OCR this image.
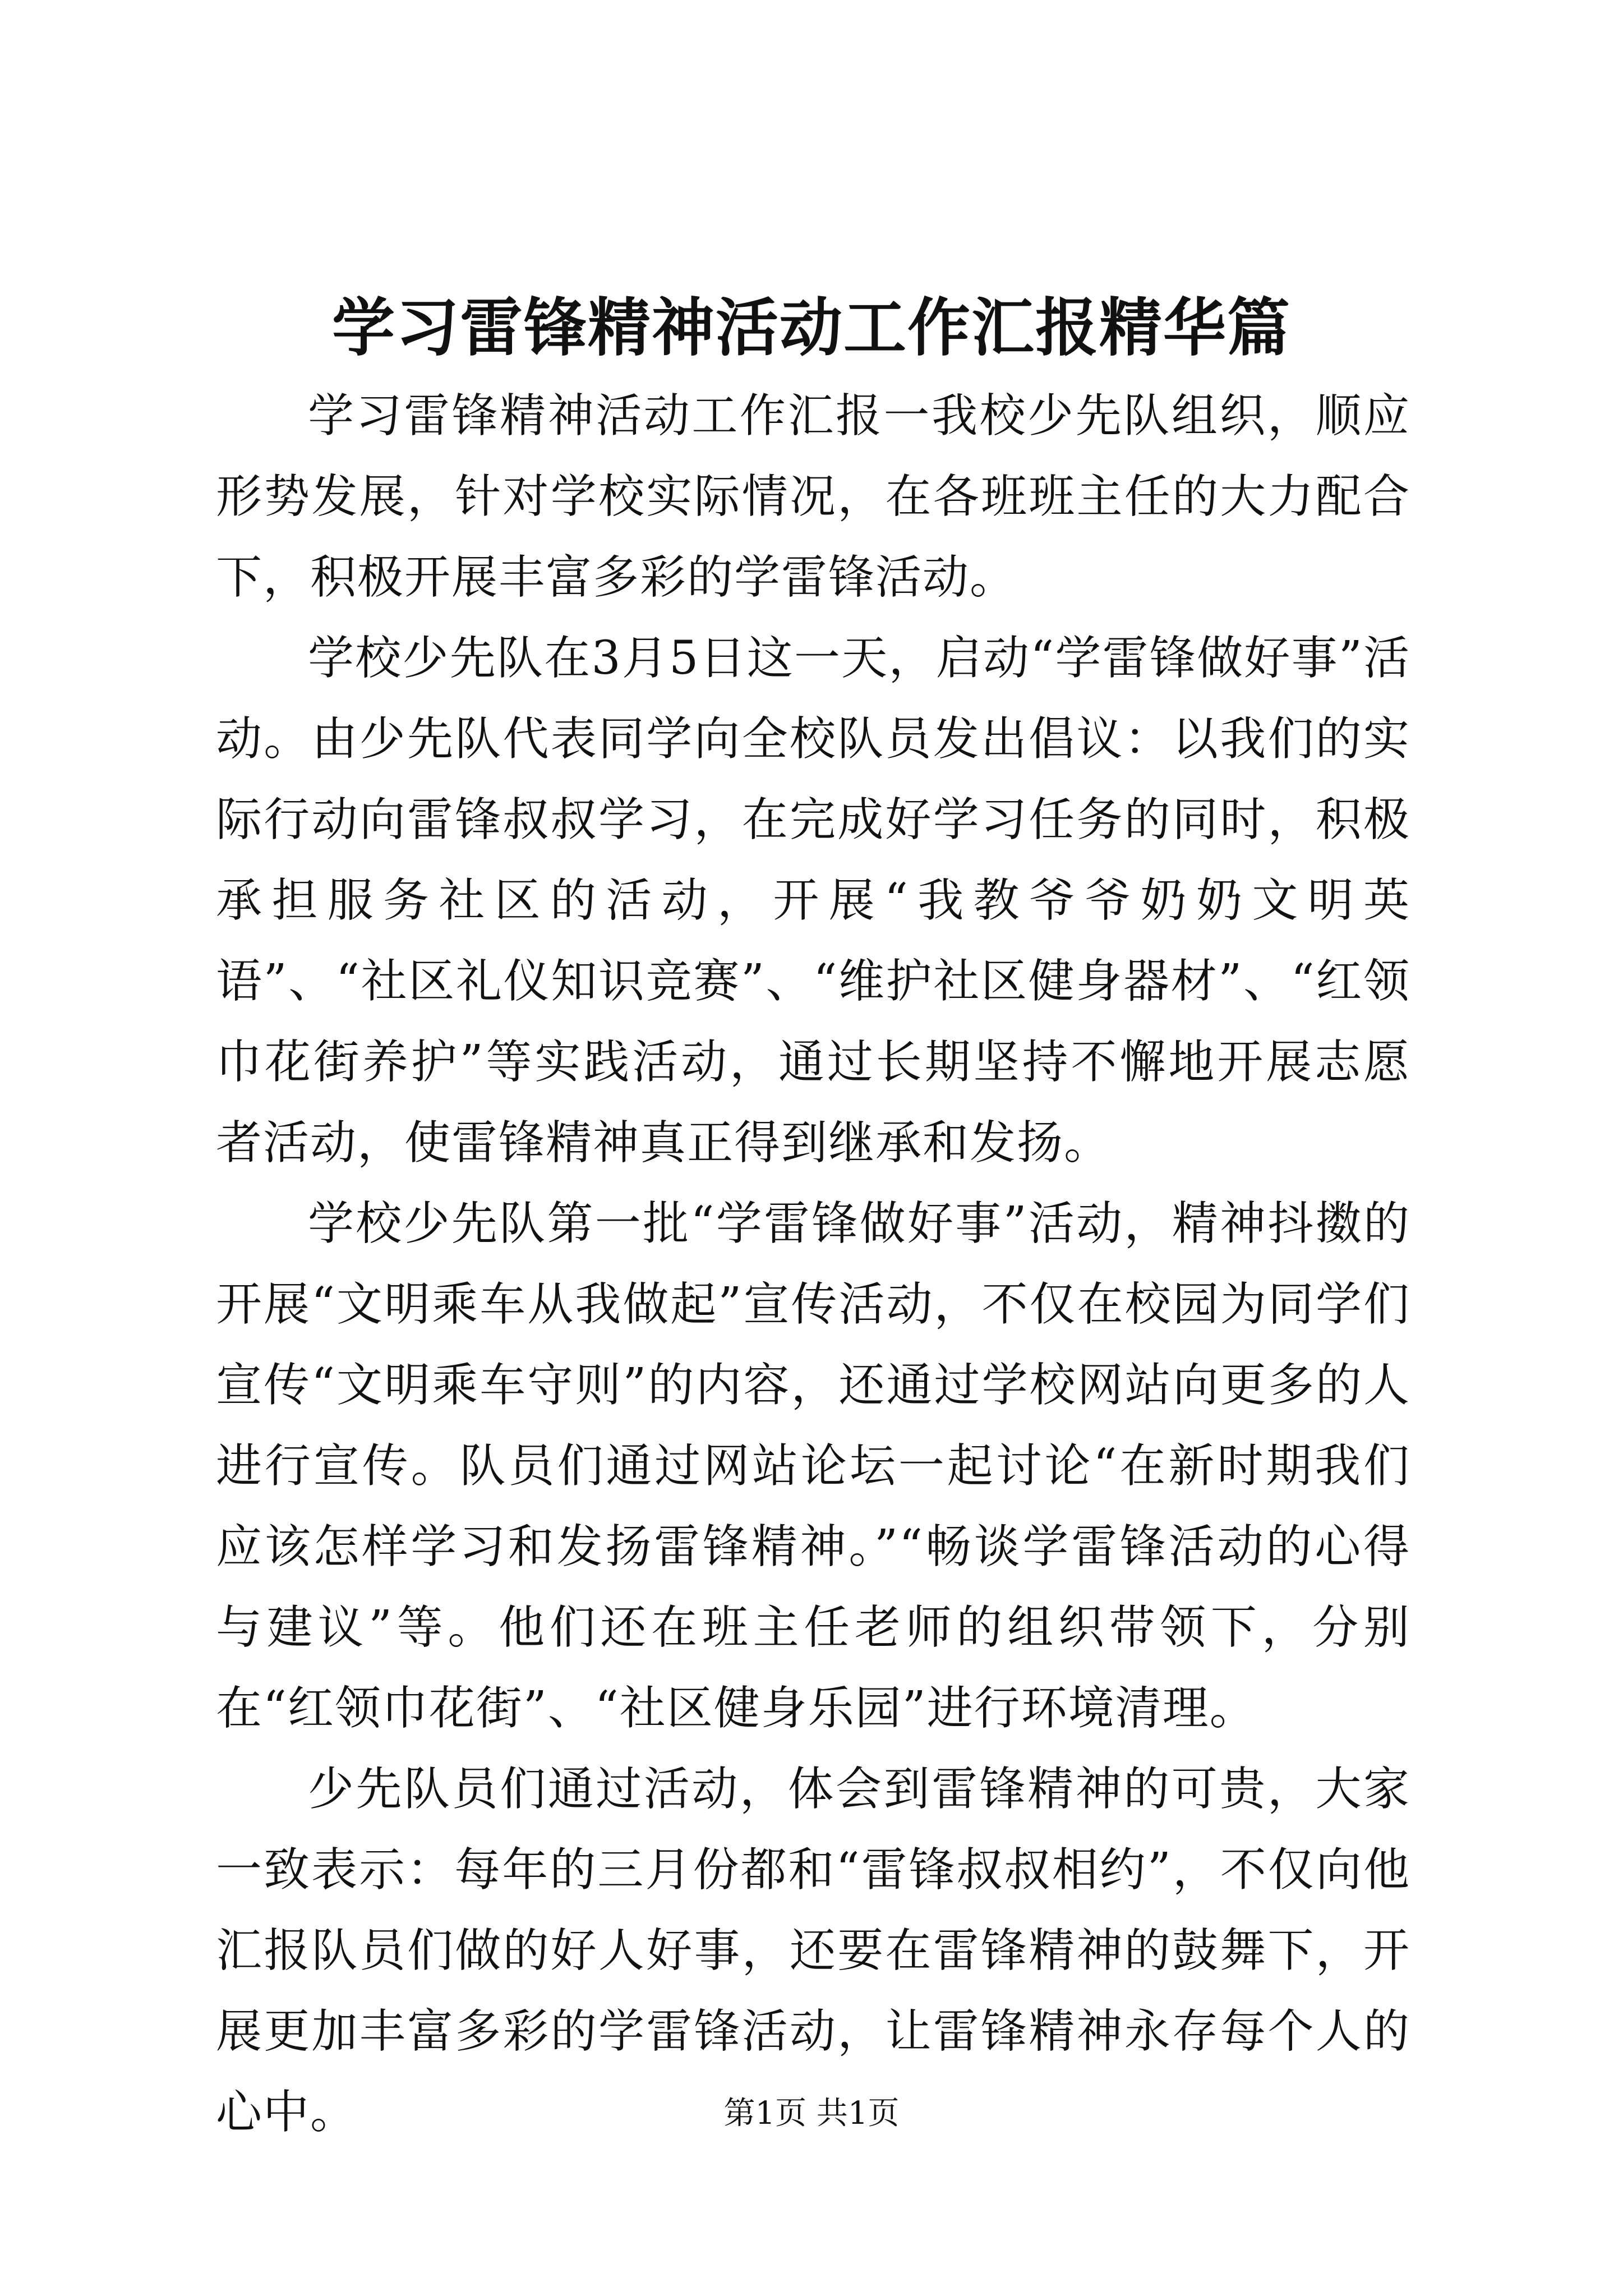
学习雷锋精神活动工作汇报精华篇

学习雷锋精神活动工作汇报一我校少先队组织，顺应形势发展，针对学校实际情况，在各班班主任的大力配合下，积极开展丰富多彩的学雷锋活动。

学校少先队在3月5日这一天，启动“学雷锋做好事”活动。由少先队代表同学向全校队员发出倡议：以我们的实际行动向雷锋叔叔学习，在完成好学习任务的同时，积极承担服务社区的活动，开展“我教爷爷奶奶文明英语”、“社区礼仪知识竞赛”、“维护社区健身器材”、“红领巾花街养护”等实践活动，通过长期坚持不懈地开展志愿者活动，使雷锋精神真正得到继承和发扬。

学校少先队第一批“学雷锋做好事”活动，精神抖擞的开展“文明乘车从我做起”宣传活动，不仅在校园为同学们宣传“文明乘车守则”的内容，还通过学校网站向更多的人进行宣传。队员们通过网站论坛一起讨论“在新时期我们应该怎样学习和发扬雷锋精神。”“畅谈学雷锋活动的心得与建议”等。他们还在班主任老师的组织带领下，分别在“红领巾花街”、“社区健身乐园”进行环境清理。

少先队员们通过活动，体会到雷锋精神的可贵，大家一致表示：每年的三月份都和“雷锋叔叔相约”，不仅向他汇报队员们做的好人好事，还要在雷锋精神的鼓舞下，开展更加丰富多彩的学雷锋活动，让雷锋精神永存每个人的心中。	第1页 共1页
